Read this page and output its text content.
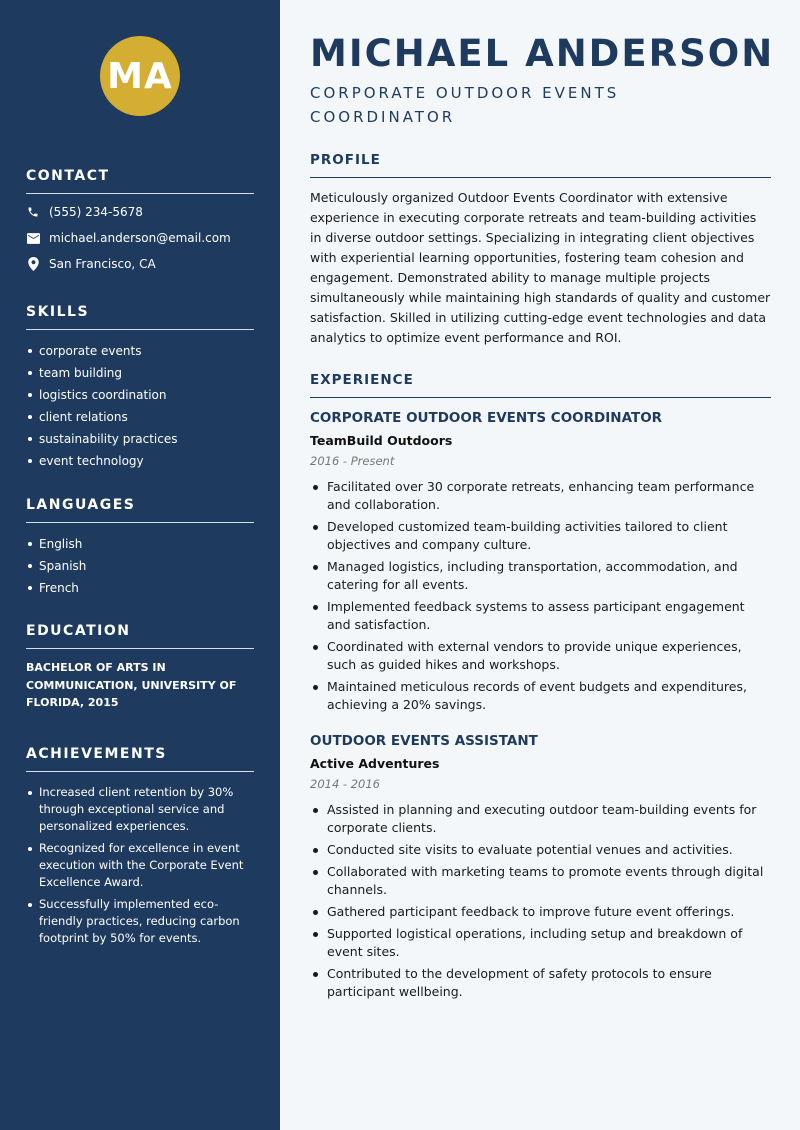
MA
CONTACT
(555) 234-5678
michael.anderson@email.com
San Francisco, CA
SKILLS
corporate events
team building
logistics coordination
client relations
sustainability practices
event technology
LANGUAGES
English
Spanish
French
EDUCATION
BACHELOR OF ARTS IN COMMUNICATION, UNIVERSITY OF FLORIDA, 2015
ACHIEVEMENTS
Increased client retention by 30% through exceptional service and personalized experiences.
Recognized for excellence in event execution with the Corporate Event Excellence Award.
Successfully implemented eco-friendly practices, reducing carbon footprint by 50% for events.
MICHAEL ANDERSON
CORPORATE OUTDOOR EVENTS COORDINATOR
PROFILE
Meticulously organized Outdoor Events Coordinator with extensive experience in executing corporate retreats and team-building activities in diverse outdoor settings. Specializing in integrating client objectives with experiential learning opportunities, fostering team cohesion and engagement. Demonstrated ability to manage multiple projects simultaneously while maintaining high standards of quality and customer satisfaction. Skilled in utilizing cutting-edge event technologies and data analytics to optimize event performance and ROI.
EXPERIENCE
CORPORATE OUTDOOR EVENTS COORDINATOR
TeamBuild Outdoors
2016 - Present
Facilitated over 30 corporate retreats, enhancing team performance and collaboration.
Developed customized team-building activities tailored to client objectives and company culture.
Managed logistics, including transportation, accommodation, and catering for all events.
Implemented feedback systems to assess participant engagement and satisfaction.
Coordinated with external vendors to provide unique experiences, such as guided hikes and workshops.
Maintained meticulous records of event budgets and expenditures, achieving a 20% savings.
OUTDOOR EVENTS ASSISTANT
Active Adventures
2014 - 2016
Assisted in planning and executing outdoor team-building events for corporate clients.
Conducted site visits to evaluate potential venues and activities.
Collaborated with marketing teams to promote events through digital channels.
Gathered participant feedback to improve future event offerings.
Supported logistical operations, including setup and breakdown of event sites.
Contributed to the development of safety protocols to ensure participant wellbeing.
